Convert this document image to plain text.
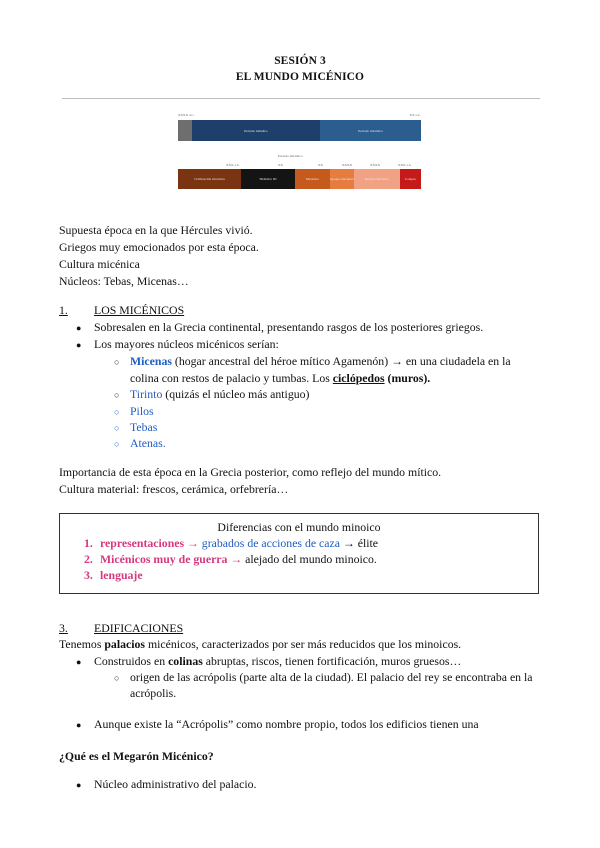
SESIÓN 3
EL MUNDO MICÉNICO
XXXX a.C.	XX a.C.
Periodo heládico	Periodo micénico
Periodo micénico
XXX a.C.	XX	XX	XXXX	XXXX	XXX a.C.
Civilización micénica	Heládico III	Micénico	Apogeo micénico	Declive micénico	Colapso
Supuesta época en la que Hércules vivió.
Griegos muy emocionados por esta época.
Cultura micénica
Núcleos: Tebas, Micenas…
1. LOS MICÉNICOS
● Sobresalen en la Grecia continental, presentando rasgos de los posteriores griegos.
● Los mayores núcleos micénicos serían:
○ Micenas (hogar ancestral del héroe mítico Agamenón) → en una ciudadela en la
colina con restos de palacio y tumbas. Los ciclópedos (muros).
○ Tirinto (quizás el núcleo más antiguo)
○ Pilos
○ Tebas
○ Atenas.
Importancia de esta época en la Grecia posterior, como reflejo del mundo mítico.
Cultura material: frescos, cerámica, orfebrería…
Diferencias con el mundo minoico
1. representaciones → grabados de acciones de caza → élite
2. Micénicos muy de guerra → alejado del mundo minoico.
3. lenguaje
3. EDIFICACIONES
Tenemos palacios micénicos, caracterizados por ser más reducidos que los minoicos.
● Construidos en colinas abruptas, riscos, tienen fortificación, muros gruesos…
○ origen de las acrópolis (parte alta de la ciudad). El palacio del rey se encontraba en la
acrópolis.
● Aunque existe la “Acrópolis” como nombre propio, todos los edificios tienen una
¿Qué es el Megarón Micénico?
● Núcleo administrativo del palacio.
